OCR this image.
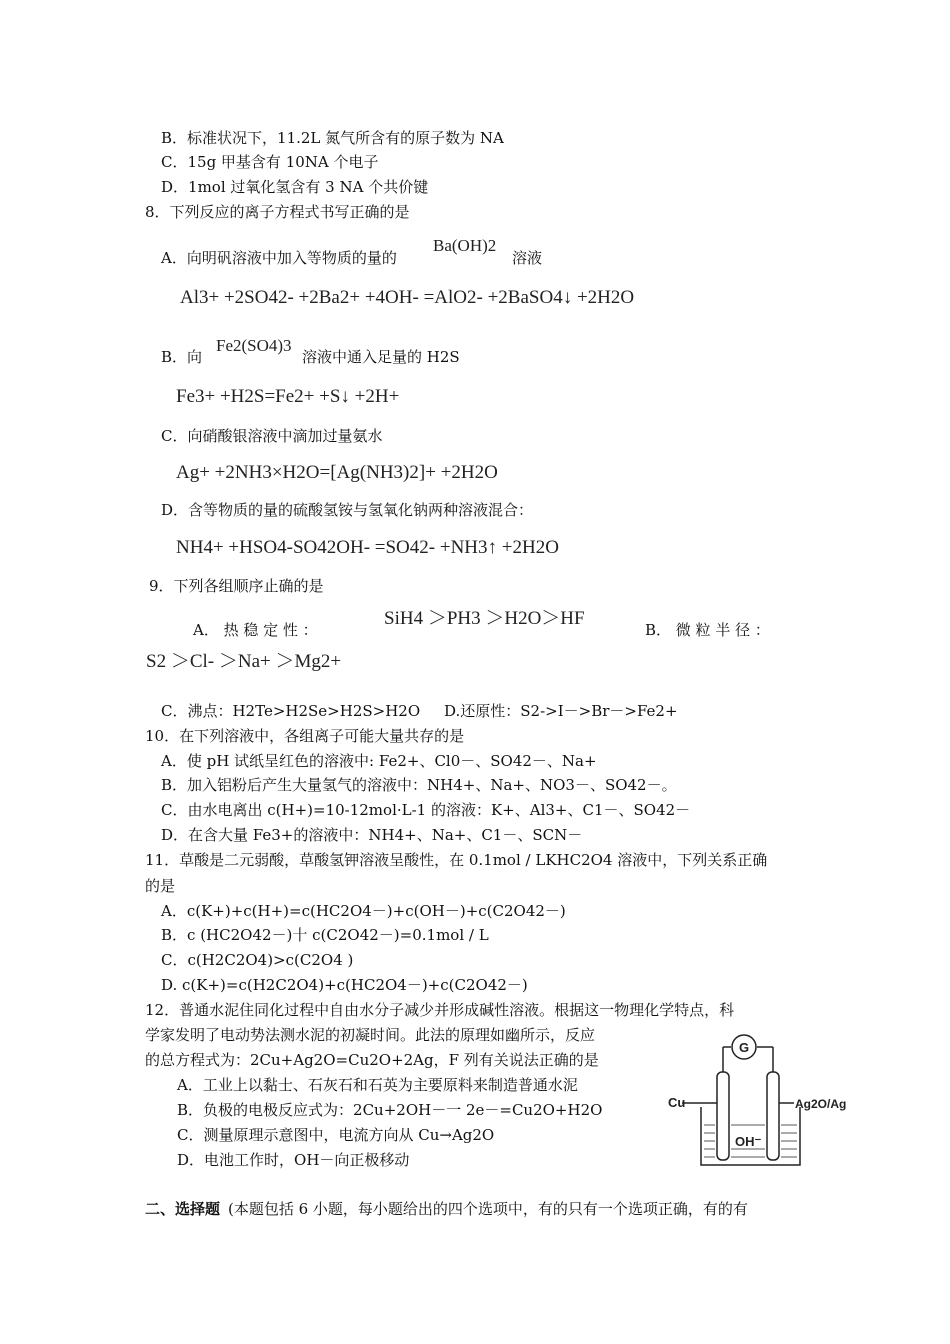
B．标准状况下，11.2L 氮气所含有的原子数为 NA
C．15g 甲基含有 10NA 个电子
D．1mol 过氧化氢含有 3 NA 个共价键
8．下列反应的离子方程式书写正确的是
A．向明矾溶液中加入等物质的量的
Ba(OH)2
溶液
Al3+ +2SO42- +2Ba2+ +4OH- =AlO2- +2BaSO4↓ +2H2O
B．向
Fe2(SO4)3
溶液中通入足量的 H2S
Fe3+ +H2S=Fe2+ +S↓ +2H+
C．向硝酸银溶液中滴加过量氨水
Ag+ +2NH3×H2O=[Ag(NH3)2]+ +2H2O
D．含等物质的量的硫酸氢铵与氢氧化钠两种溶液混合：
NH4+ +HSO4-SO42OH- =SO42- +NH3↑ +2H2O
9．下列各组顺序止确的是
A． 热 稳 定 性 ：
SiH4 ＞PH3 ＞H2O＞HF
B． 微 粒 半 径 ：
S2 ＞Cl- ＞Na+ ＞Mg2+
C．沸点：H2Te>H2Se>H2S>H2O D.还原性：S2->I－>Br－>Fe2+
10．在下列溶液中，各组离子可能大量共存的是
A．使 pH 试纸呈红色的溶液中: Fe2+、Cl0－、SO42－、Na+
B．加入铝粉后产生大量氢气的溶液中：NH4+、Na+、NO3－、SO42－。
C．由水电离出 c(H+)=10-12mol·L-1 的溶液：K+、Al3+、C1－、SO42－
D．在含大量 Fe3+的溶液中：NH4+、Na+、C1－、SCN－
11．草酸是二元弱酸，草酸氢钾溶液呈酸性，在 0.1mol / LKHC2O4 溶液中，下列关系正确
的是
A．c(K+)+c(H+)=c(HC2O4－)+c(OH－)+c(C2O42－)
B．c (HC2O42－)十 c(C2O42－)=0.1mol / L
C．c(H2C2O4)>c(C2O4 )
D. c(K+)=c(H2C2O4)+c(HC2O4－)+c(C2O42－)
12．普通水泥住同化过程中自由水分子减少并形成碱性溶液。根据这一物理化学特点，科
学家发明了电动势法测水泥的初凝时间。此法的原理如幽所示，反应
的总方程式为：2Cu+Ag2O=Cu2O+2Ag，F 列有关说法正确的是
A．工业上以黏士、石灰石和石英为主要原料来制造普通水泥
B．负极的电极反应式为：2Cu+2OH－一 2e－=Cu2O+H2O
C．测量原理示意图中，电流方向从 Cu→Ag2O
D．电池工作时，OH－向正极移动
G
Cu	Ag2O/Ag
OH⁻
二、选择题 (本题包括 6 小题，每小题给出的四个选项中，有的只有一个选项正确，有的有
